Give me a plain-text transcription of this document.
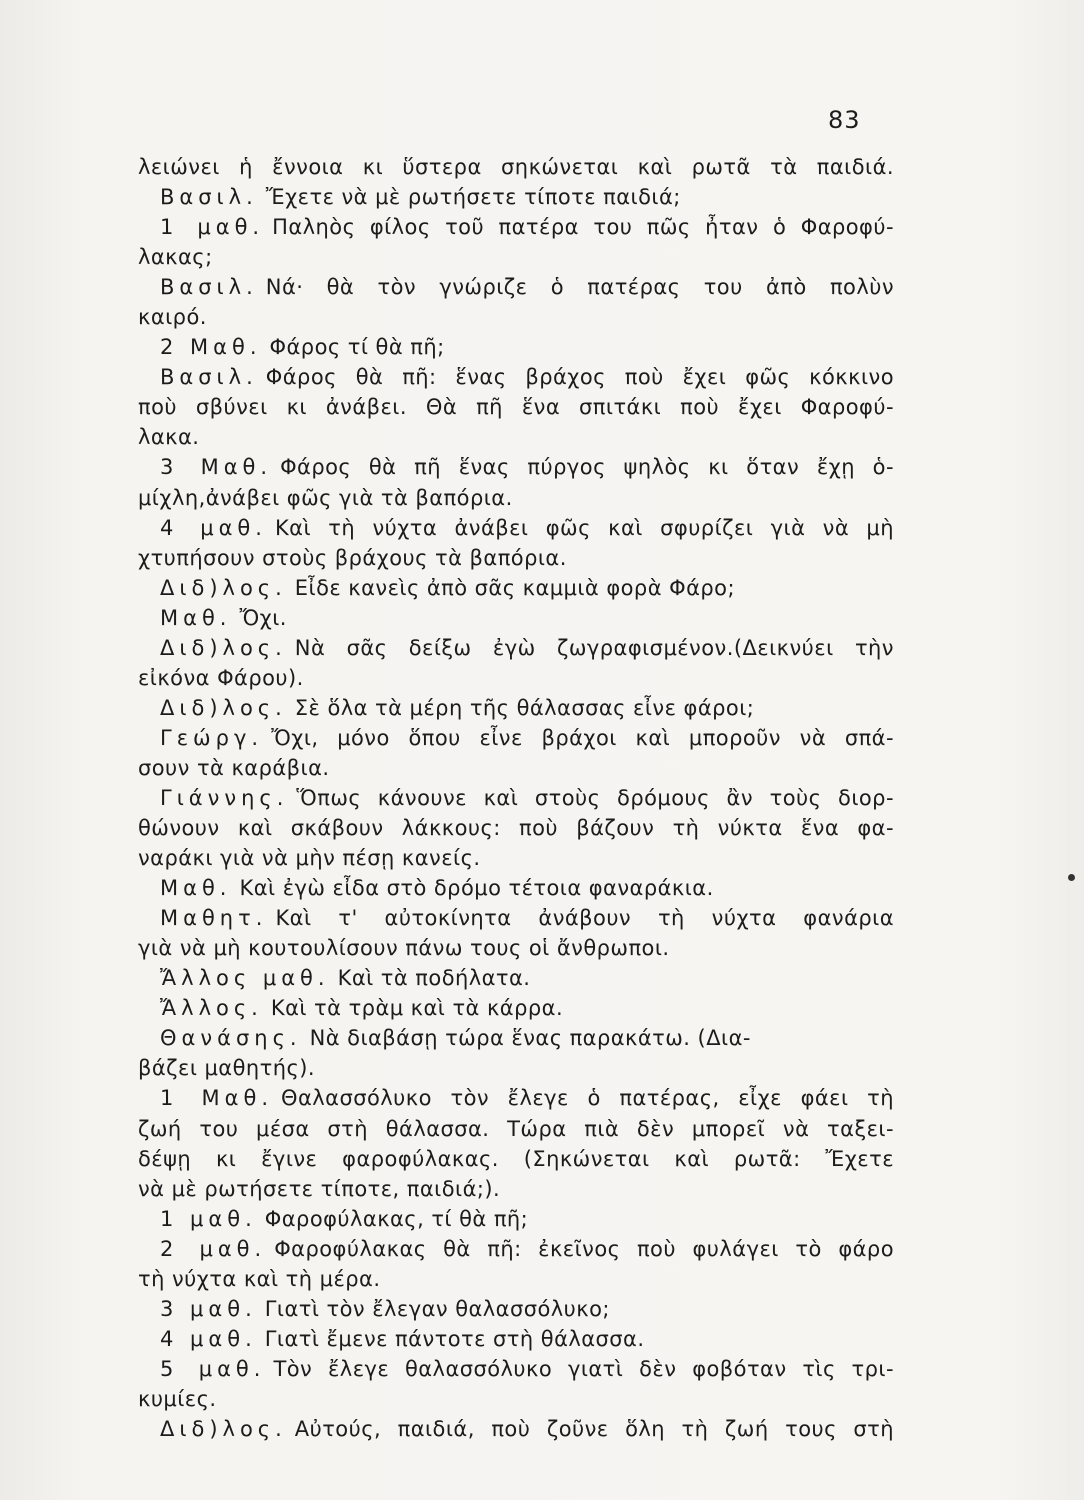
83
λειώνει ἡ ἔννοια κι ὕστερα σηκώνεται καὶ ρωτᾶ τὰ παιδιά.
Βασιλ. Ἔχετε νὰ μὲ ρωτήσετε τίποτε παιδιά;
1 μαθ. Παληὸς φίλος τοῦ πατέρα του πῶς ἦταν ὁ Φαροφύ-
λακας;
Βασιλ. Νά· θὰ τὸν γνώριζε ὁ πατέρας του ἀπὸ πολὺν
καιρό.
2 Μαθ. Φάρος τί θὰ πῆ;
Βασιλ. Φάρος θὰ πῆ: ἕνας βράχος ποὺ ἔχει φῶς κόκκινο
ποὺ σβύνει κι ἀνάβει. Θὰ πῆ ἕνα σπιτάκι ποὺ ἔχει Φαροφύ-
λακα.
3 Μαθ. Φάρος θὰ πῆ ἕνας πύργος ψηλὸς κι ὅταν ἔχῃ ὁ-
μίχλη,ἀνάβει φῶς γιὰ τὰ βαπόρια.
4 μαθ. Καὶ τὴ νύχτα ἀνάβει φῶς καὶ σφυρίζει γιὰ νὰ μὴ
χτυπήσουν στοὺς βράχους τὰ βαπόρια.
Διδ)λος. Εἶδε κανεὶς ἀπὸ σᾶς καμμιὰ φορὰ Φάρο;
Μαθ. Ὄχι.
Διδ)λος. Νὰ σᾶς δείξω ἐγὼ ζωγραφισμένον.(Δεικνύει τὴν
εἰκόνα Φάρου).
Διδ)λος. Σὲ ὅλα τὰ μέρη τῆς θάλασσας εἶνε φάροι;
Γεώργ. Ὄχι, μόνο ὅπου εἶνε βράχοι καὶ μποροῦν νὰ σπά-
σουν τὰ καράβια.
Γιάννης. Ὅπως κάνουνε καὶ στοὺς δρόμους ἂν τοὺς διορ-
θώνουν καὶ σκάβουν λάκκους: ποὺ βάζουν τὴ νύκτα ἕνα φα-
ναράκι γιὰ νὰ μὴν πέσῃ κανείς.
Μαθ. Καὶ ἐγὼ εἶδα στὸ δρόμο τέτοια φαναράκια.
Μαθητ. Καὶ τ' αὐτοκίνητα ἀνάβουν τὴ νύχτα φανάρια
γιὰ νὰ μὴ κουτουλίσουν πάνω τους οἱ ἄνθρωποι.
Ἄλλος μαθ. Καὶ τὰ ποδήλατα.
Ἄλλος. Καὶ τὰ τρὰμ καὶ τὰ κάρρα.
Θανάσης. Νὰ διαβάσῃ τώρα ἕνας παρακάτω. (Δια-
βάζει μαθητής).
1 Μαθ. Θαλασσόλυκο τὸν ἔλεγε ὁ πατέρας, εἶχε φάει τὴ
ζωή του μέσα στὴ θάλασσα. Τώρα πιὰ δὲν μπορεῖ νὰ ταξει-
δέψῃ κι ἔγινε φαροφύλακας. (Σηκώνεται καὶ ρωτᾶ: Ἔχετε
νὰ μὲ ρωτήσετε τίποτε, παιδιά;).
1 μαθ. Φαροφύλακας, τί θὰ πῆ;
2 μαθ. Φαροφύλακας θὰ πῆ: ἐκεῖνος ποὺ φυλάγει τὸ φάρο
τὴ νύχτα καὶ τὴ μέρα.
3 μαθ. Γιατὶ τὸν ἔλεγαν θαλασσόλυκο;
4 μαθ. Γιατὶ ἔμενε πάντοτε στὴ θάλασσα.
5 μαθ. Τὸν ἔλεγε θαλασσόλυκο γιατὶ δὲν φοβόταν τὶς τρι-
κυμίες.
Διδ)λος. Αὐτούς, παιδιά, ποὺ ζοῦνε ὅλη τὴ ζωή τους στὴ
